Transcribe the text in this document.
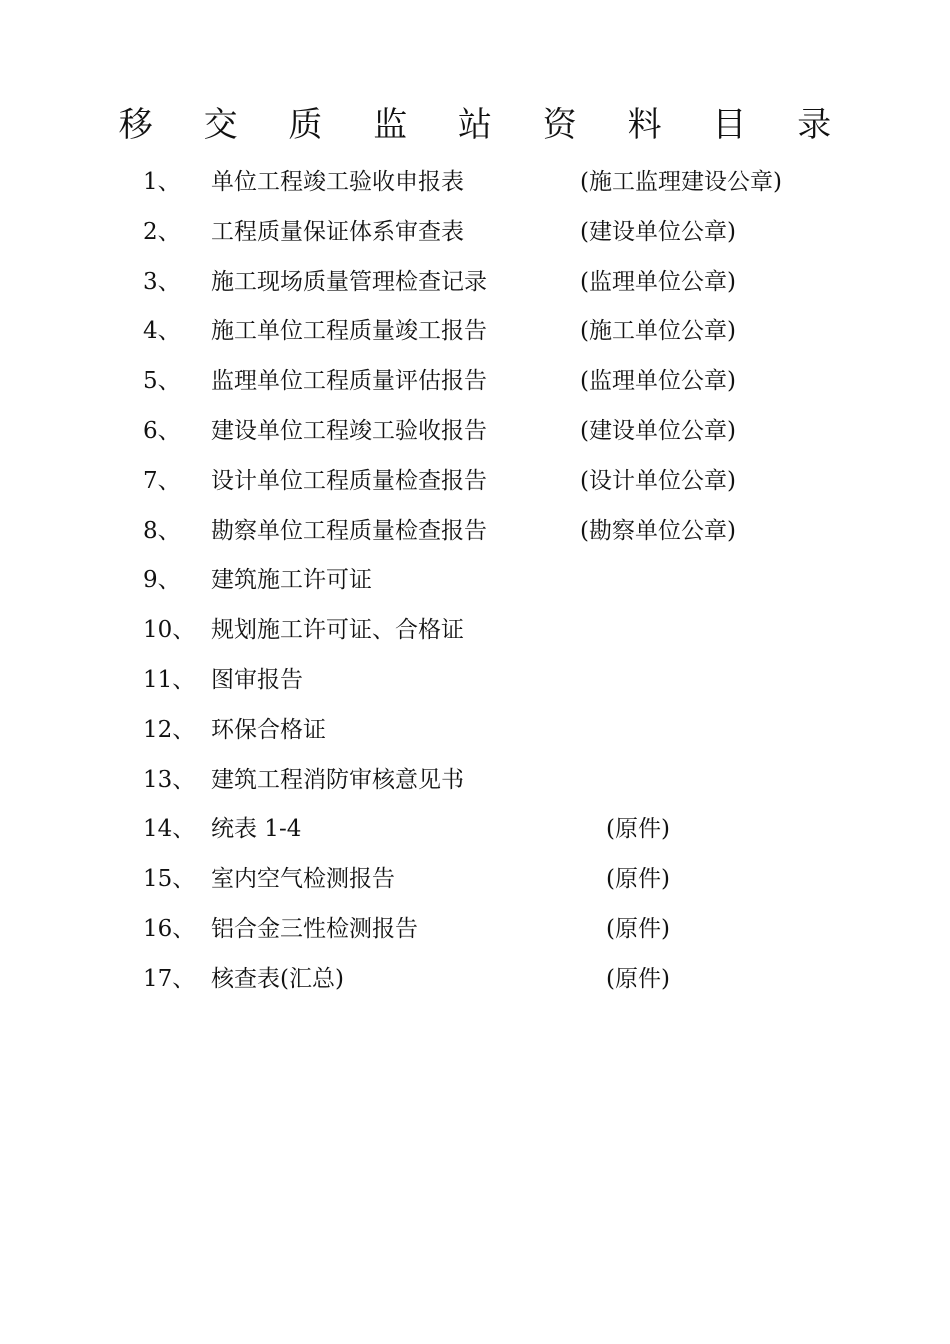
移 交 质 监 站 资 料 目 录
1、 单位工程竣工验收申报表	(施工监理建设公章)
2、 工程质量保证体系审查表	(建设单位公章)
3、 施工现场质量管理检查记录	(监理单位公章)
4、 施工单位工程质量竣工报告	(施工单位公章)
5、 监理单位工程质量评估报告	(监理单位公章)
6、 建设单位工程竣工验收报告	(建设单位公章)
7、 设计单位工程质量检查报告	(设计单位公章)
8、 勘察单位工程质量检查报告	(勘察单位公章)
9、 建筑施工许可证
10、 规划施工许可证、合格证
11、 图审报告
12、 环保合格证
13、 建筑工程消防审核意见书
14、 统表 1-4	(原件)
15、 室内空气检测报告	(原件)
16、 铝合金三性检测报告	(原件)
17、 核查表(汇总)	(原件)
